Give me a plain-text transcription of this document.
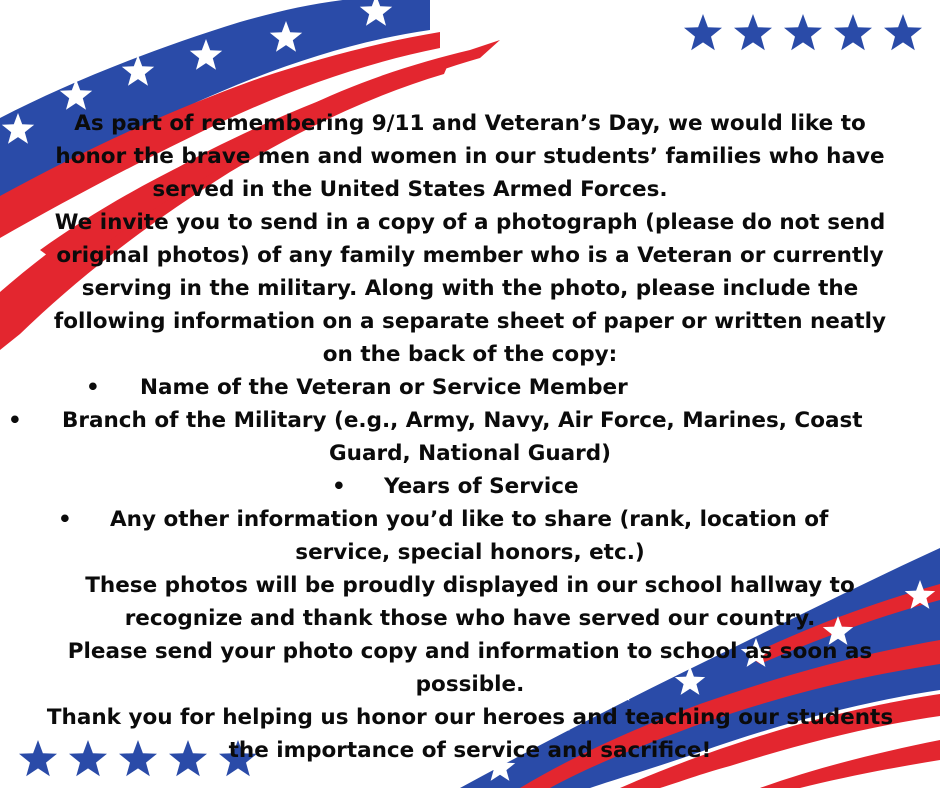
As part of remembering 9/11 and Veteran’s Day, we would like to
honor the brave men and women in our students’ families who have
served in the United States Armed Forces.
We invite you to send in a copy of a photograph (please do not send
original photos) of any family member who is a Veteran or currently
serving in the military. Along with the photo, please include the
following information on a separate sheet of paper or written neatly
on the back of the copy:
• Name of the Veteran or Service Member
• Branch of the Military (e.g., Army, Navy, Air Force, Marines, Coast
Guard, National Guard)
• Years of Service
• Any other information you’d like to share (rank, location of
service, special honors, etc.)
These photos will be proudly displayed in our school hallway to
recognize and thank those who have served our country.
Please send your photo copy and information to school as soon as
possible.
Thank you for helping us honor our heroes and teaching our students
the importance of service and sacrifice!
